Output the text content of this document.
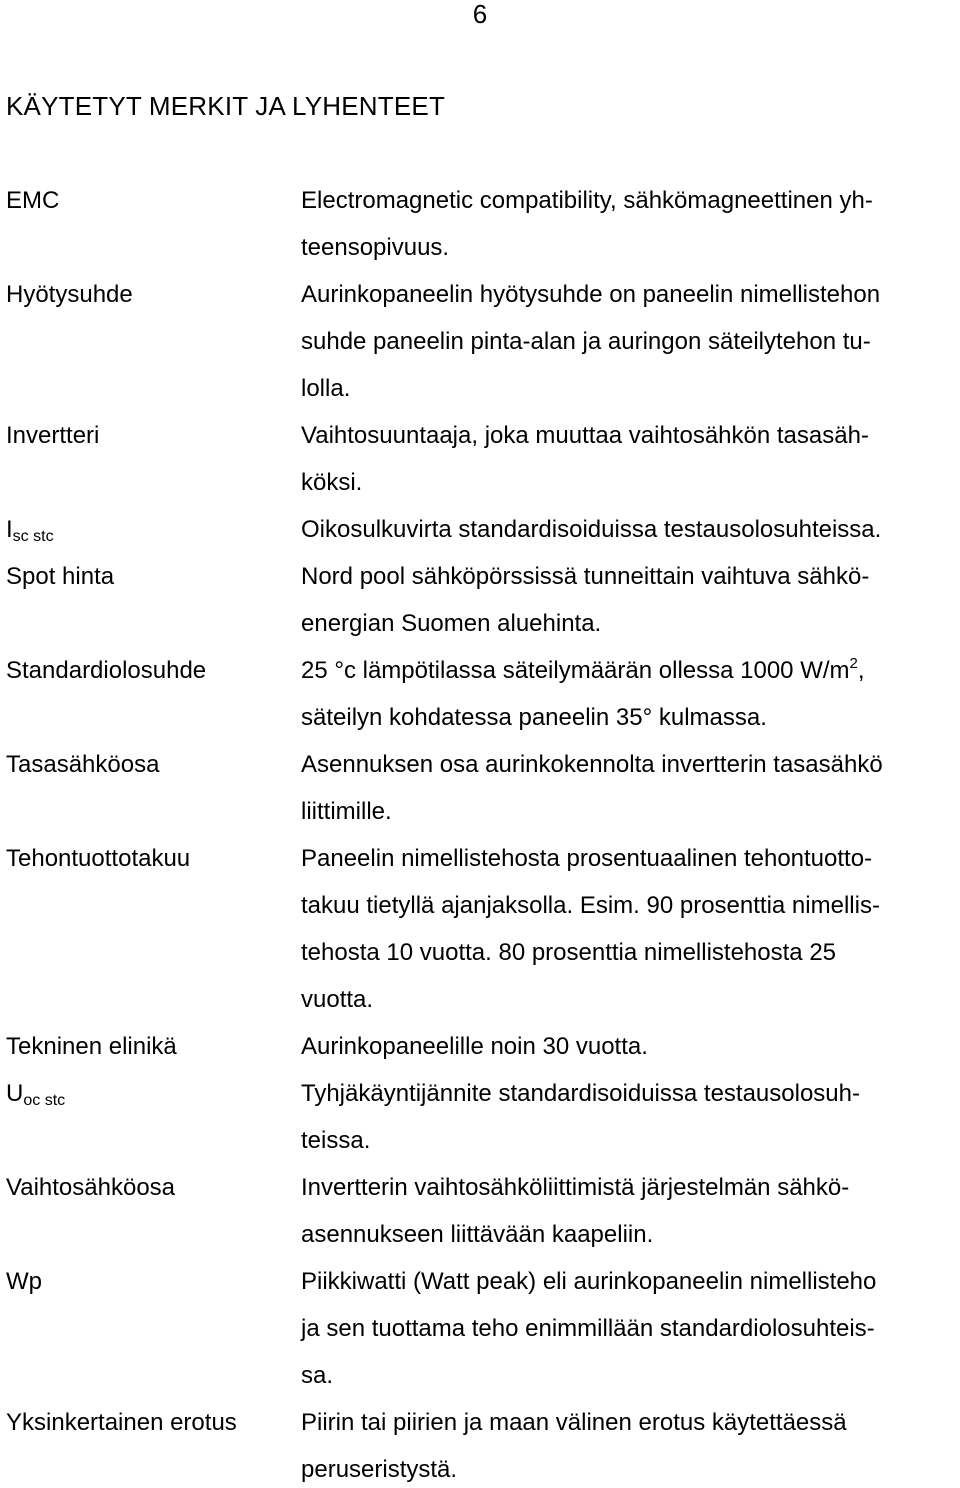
6
KÄYTETYT MERKIT JA LYHENTEET
EMC	Electromagnetic compatibility, sähkömagneettinen yh-
teensopivuus.
Hyötysuhde	Aurinkopaneelin hyötysuhde on paneelin nimellistehon
suhde paneelin pinta-alan ja auringon säteilytehon tu-
lolla.
Invertteri	Vaihtosuuntaaja, joka muuttaa vaihtosähkön tasasäh-
köksi.
Isc stc	Oikosulkuvirta standardisoiduissa testausolosuhteissa.
Spot hinta	Nord pool sähköpörssissä tunneittain vaihtuva sähkö-
energian Suomen aluehinta.
Standardiolosuhde	25 °c lämpötilassa säteilymäärän ollessa 1000 $W/m^2$,
säteilyn kohdatessa paneelin 35° kulmassa.
Tasasähköosa	Asennuksen osa aurinkokennolta invertterin tasasähkö
liittimille.
Tehontuottotakuu	Paneelin nimellistehosta prosentuaalinen tehontuotto-
takuu tietyllä ajanjaksolla. Esim. 90 prosenttia nimellis-
tehosta 10 vuotta. 80 prosenttia nimellistehosta 25
vuotta.
Tekninen elinikä	Aurinkopaneelille noin 30 vuotta.
Uoc stc	Tyhjäkäyntijännite standardisoiduissa testausolosuh-
teissa.
Vaihtosähköosa	Invertterin vaihtosähköliittimistä järjestelmän sähkö-
asennukseen liittävään kaapeliin.
Wp	Piikkiwatti (Watt peak) eli aurinkopaneelin nimellisteho
ja sen tuottama teho enimmillään standardiolosuhteis-
sa.
Yksinkertainen erotus	Piirin tai piirien ja maan välinen erotus käytettäessä
peruseristystä.
